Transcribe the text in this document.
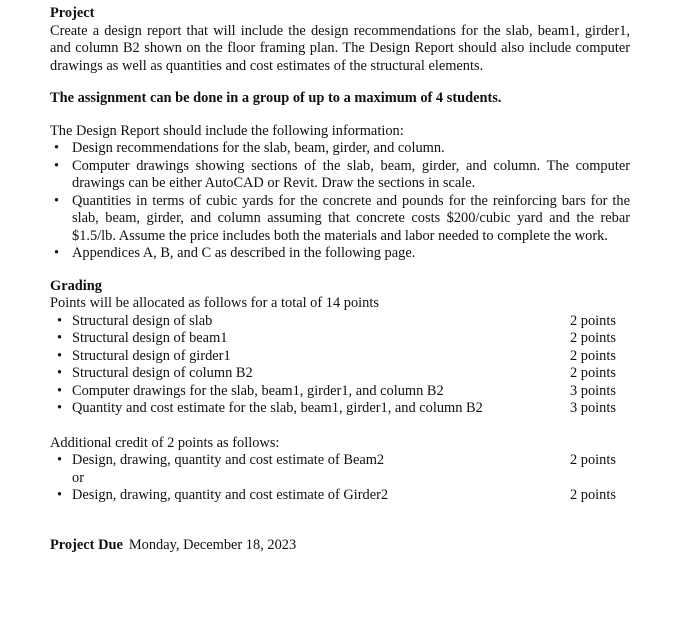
Project

Create a design report that will include the design recommendations for the slab, beam1, girder1, and column B2 shown on the floor framing plan. The Design Report should also include computer drawings as well as quantities and cost estimates of the structural elements.

The assignment can be done in a group of up to a maximum of 4 students.

The Design Report should include the following information:

• Design recommendations for the slab, beam, girder, and column.
• Computer drawings showing sections of the slab, beam, girder, and column. The computer drawings can be either AutoCAD or Revit. Draw the sections in scale.
• Quantities in terms of cubic yards for the concrete and pounds for the reinforcing bars for the slab, beam, girder, and column assuming that concrete costs $200/cubic yard and the rebar $1.5/lb. Assume the price includes both the materials and labor needed to complete the work.
• Appendices A, B, and C as described in the following page.
Grading

Points will be allocated as follows for a total of 14 points

• Structural design of slab	2 points
• Structural design of beam1	2 points
• Structural design of girder1	2 points
• Structural design of column B2	2 points
• Computer drawings for the slab, beam1, girder1, and column B2	3 points
• Quantity and cost estimate for the slab, beam1, girder1, and column B2	3 points

Additional credit of 2 points as follows:

• Design, drawing, quantity and cost estimate of Beam2	2 points

or

• Design, drawing, quantity and cost estimate of Girder2	2 points

Project Due Monday, December 18, 2023
